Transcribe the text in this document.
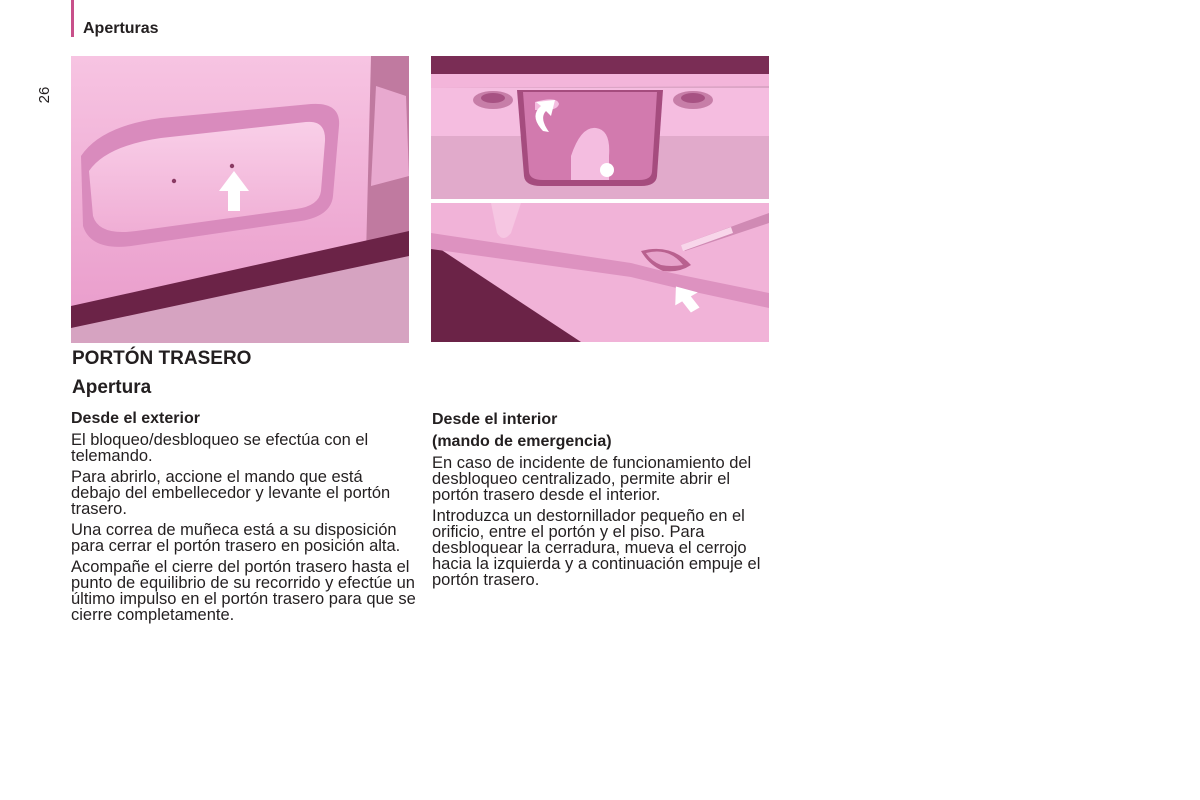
Aperturas
26
PORTÓN TRASERO
Apertura
Desde el exterior

El bloqueo/desbloqueo se efectúa con el telemando.

Para abrirlo, accione el mando que está debajo del embellecedor y levante el portón trasero.

Una correa de muñeca está a su disposición para cerrar el portón trasero en posición alta.

Acompañe el cierre del portón trasero hasta el punto de equilibrio de su recorrido y efectúe un último impulso en el portón trasero para que se cierre completamente.

Desde el interior
(mando de emergencia)

En caso de incidente de funcionamiento del desbloqueo centralizado, permite abrir el portón trasero desde el interior.

Introduzca un destornillador pequeño en el orificio, entre el portón y el piso. Para desbloquear la cerradura, mueva el cerrojo hacia la izquierda y a continuación empuje el portón trasero.
